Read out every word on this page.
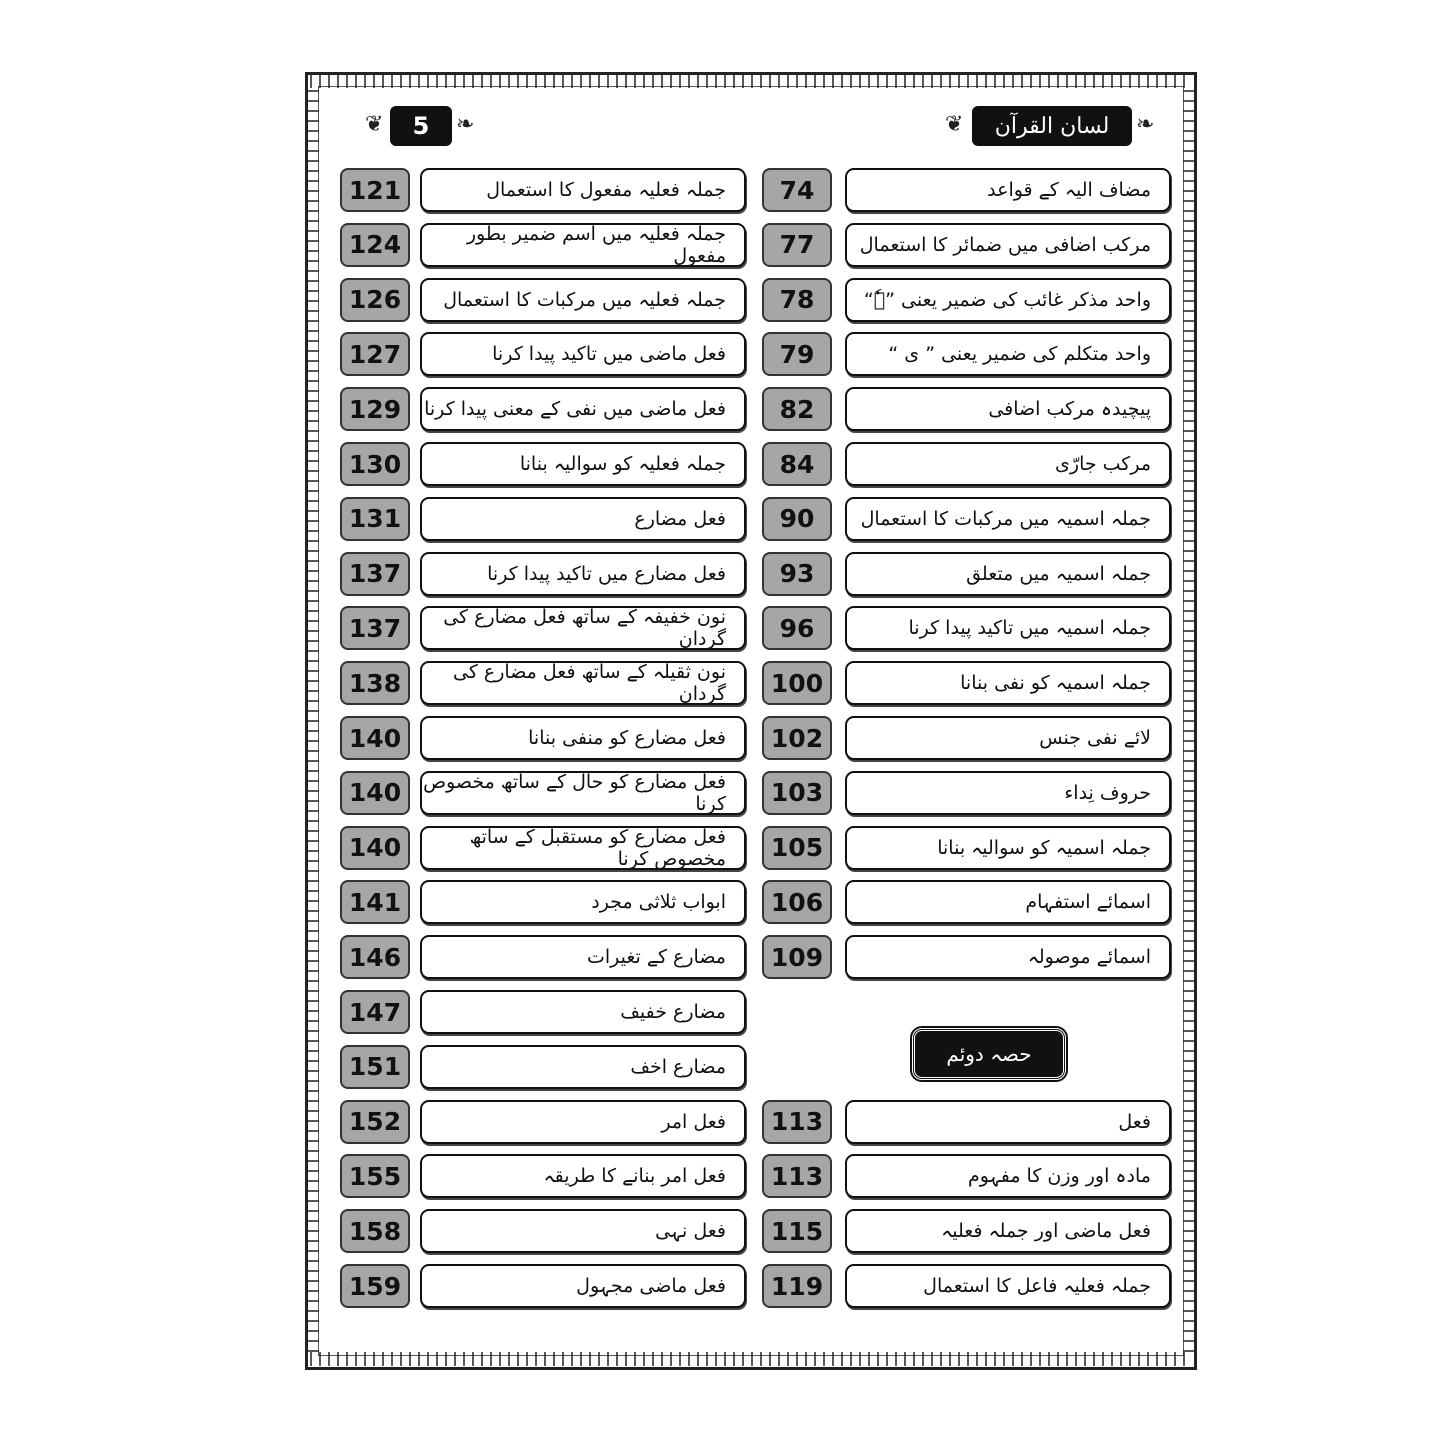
❦	❧
لسان القرآن
❦	❧
5
حصہ دوئم
121	جملہ فعلیہ مفعول کا استعمال
124	جملہ فعلیہ میں اسم ضمیر بطور مفعول
126	جملہ فعلیہ میں مرکبات کا استعمال
127	فعل ماضی میں تاکید پیدا کرنا
129	فعل ماضی میں نفی کے معنی پیدا کرنا
130	جملہ فعلیہ کو سوالیہ بنانا
131	فعل مضارع
137	فعل مضارع میں تاکید پیدا کرنا
137	نون خفیفہ کے ساتھ فعل مضارع کی گردان
138	نون ثقیلہ کے ساتھ فعل مضارع کی گردان
140	فعل مضارع کو منفی بنانا
140	فعل مضارع کو حال کے ساتھ مخصوص کرنا
140	فعل مضارع کو مستقبل کے ساتھ مخصوص کرنا
141	ابواب ثلاثی مجرد
146	مضارع کے تغیرات
147	مضارع خفیف
151	مضارع اخف
152	فعل امر
155	فعل امر بنانے کا طریقہ
158	فعل نہی
159	فعل ماضی مجہول
74	مضاف الیہ کے قواعد
77	مرکب اضافی میں ضمائر کا استعمال
78	واحد مذکر غائب کی ضمیر یعنی ”ہٗ“
79	واحد متکلم کی ضمیر یعنی ” ی “
82	پیچیدہ مرکب اضافی
84	مرکب جارّی
90	جملہ اسمیہ میں مرکبات کا استعمال
93	جملہ اسمیہ میں متعلق
96	جملہ اسمیہ میں تاکید پیدا کرنا
100	جملہ اسمیہ کو نفی بنانا
102	لائے نفی جنس
103	حروف نِداء
105	جملہ اسمیہ کو سوالیہ بنانا
106	اسمائے استفہام
109	اسمائے موصولہ
113	فعل
113	مادہ اور وزن کا مفہوم
115	فعل ماضی اور جملہ فعلیہ
119	جملہ فعلیہ فاعل کا استعمال
